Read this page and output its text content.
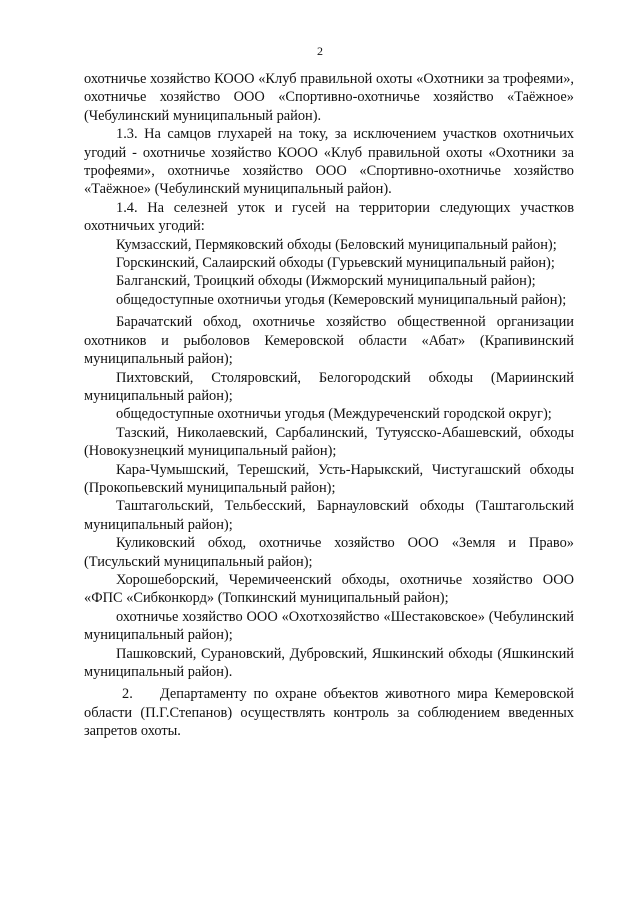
2

охотничье хозяйство КООО «Клуб правильной охоты «Охотники за трофеями», охотничье хозяйство ООО «Спортивно-охотничье хозяйство «Таёжное» (Чебулинский муниципальный район).

1.3. На самцов глухарей на току, за исключением участков охотничьих угодий - охотничье хозяйство КООО «Клуб правильной охоты «Охотники за трофеями», охотничье хозяйство ООО «Спортивно-охотничье хозяйство «Таёжное» (Чебулинский муниципальный район).

1.4. На селезней уток и гусей на территории следующих участков охотничьих угодий:

Кумзасский, Пермяковский обходы (Беловский муниципальный район);

Горскинский, Салаирский обходы (Гурьевский муниципальный район);

Балганский, Троицкий обходы (Ижморский муниципальный район);

общедоступные охотничьи угодья (Кемеровский муниципальный район);

Барачатский обход, охотничье хозяйство общественной организации охотников и рыболовов Кемеровской области «Абат» (Крапивинский муниципальный район);

Пихтовский, Столяровский, Белогородский обходы (Мариинский муниципальный район);

общедоступные охотничьи угодья (Междуреченский городской округ);

Тазский, Николаевский, Сарбалинский, Тутуясско-Абашевский, обходы (Новокузнецкий муниципальный район);

Кара-Чумышский, Терешский, Усть-Нарыкский, Чистугашский обходы (Прокопьевский муниципальный район);

Таштагольский, Тельбесский, Барнауловский обходы (Таштагольский муниципальный район);

Куликовский обход, охотничье хозяйство ООО «Земля и Право» (Тисульский муниципальный район);

Хорошеборский, Черемичеенский обходы, охотничье хозяйство ООО «ФПС «Сибконкорд» (Топкинский муниципальный район);

охотничье хозяйство ООО «Охотхозяйство «Шестаковское» (Чебулинский муниципальный район);

Пашковский, Сурановский, Дубровский, Яшкинский обходы (Яшкинский муниципальный район).

2.    Департаменту по охране объектов животного мира Кемеровской области (П.Г.Степанов) осуществлять контроль за соблюдением введенных запретов охоты.
